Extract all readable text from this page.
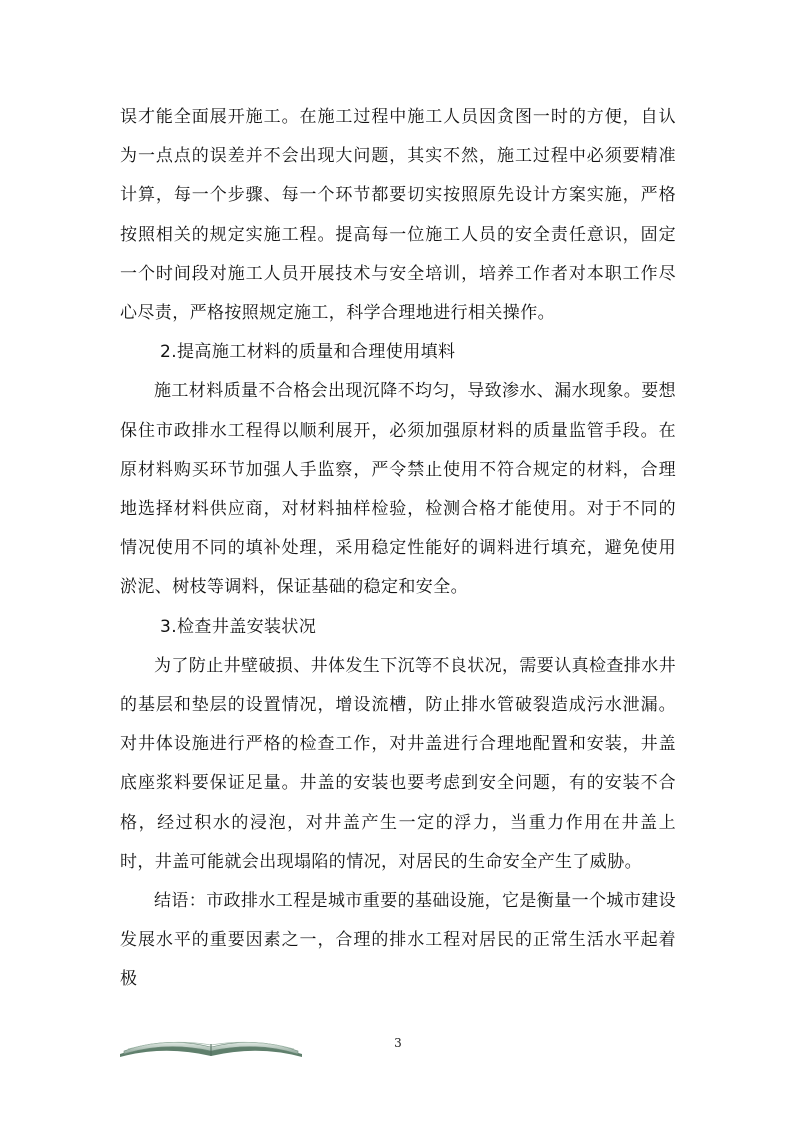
误才能全面展开施工。在施工过程中施工人员因贪图一时的方便，自认为一点点的误差并不会出现大问题，其实不然，施工过程中必须要精准计算，每一个步骤、每一个环节都要切实按照原先设计方案实施，严格按照相关的规定实施工程。提高每一位施工人员的安全责任意识，固定一个时间段对施工人员开展技术与安全培训，培养工作者对本职工作尽心尽责，严格按照规定施工，科学合理地进行相关操作。

2.提高施工材料的质量和合理使用填料

施工材料质量不合格会出现沉降不均匀，导致渗水、漏水现象。要想保住市政排水工程得以顺利展开，必须加强原材料的质量监管手段。在原材料购买环节加强人手监察，严令禁止使用不符合规定的材料，合理地选择材料供应商，对材料抽样检验，检测合格才能使用。对于不同的情况使用不同的填补处理，采用稳定性能好的调料进行填充，避免使用淤泥、树枝等调料，保证基础的稳定和安全。

3.检查井盖安装状况

为了防止井壁破损、井体发生下沉等不良状况，需要认真检查排水井的基层和垫层的设置情况，增设流槽，防止排水管破裂造成污水泄漏。对井体设施进行严格的检查工作，对井盖进行合理地配置和安装，井盖底座浆料要保证足量。井盖的安装也要考虑到安全问题，有的安装不合格，经过积水的浸泡，对井盖产生一定的浮力，当重力作用在井盖上时，井盖可能就会出现塌陷的情况，对居民的生命安全产生了威胁。

结语：市政排水工程是城市重要的基础设施，它是衡量一个城市建设发展水平的重要因素之一，合理的排水工程对居民的正常生活水平起着极

3
